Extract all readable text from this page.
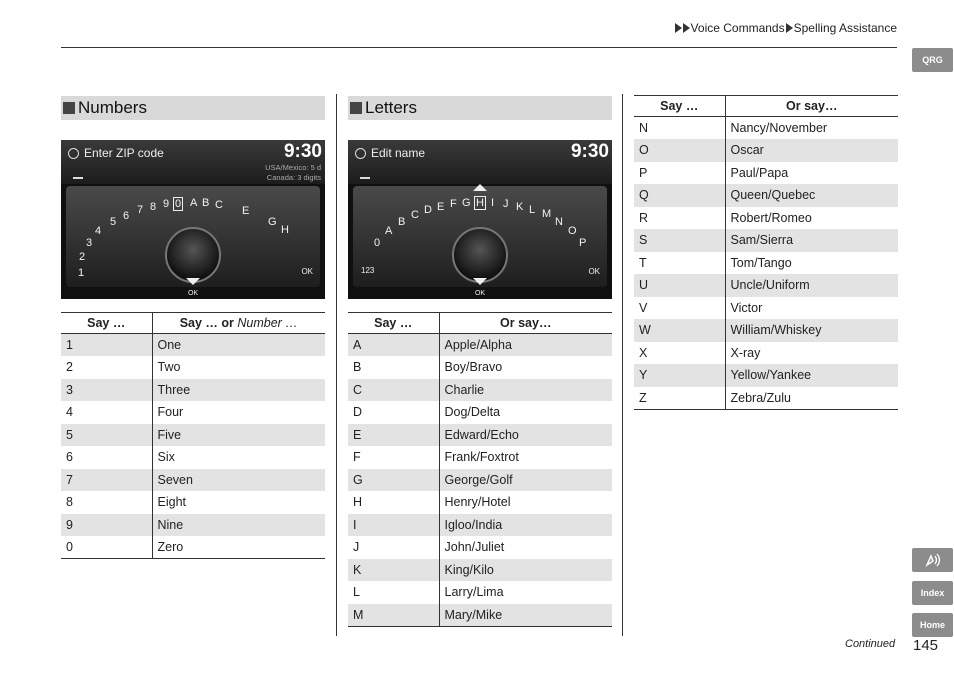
Voice Commands Spelling Assistance
QRG
Index
Home
Numbers
Enter ZIP code	9:30
USA/Mexico: 5 d
Canada: 3 digits
1
2
3
4
5 6 7 8 9 0 A B C E
G
H
OK
OK
Say …	Say … or Number …
1	One
2	Two
3	Three
4	Four
5	Five
6	Six
7	Seven
8	Eight
9	Nine
0	Zero
Letters
Edit name	9:30
0
A
B
C D E F G H I J K L M
N
O
P
123	OK
OK
Say …	Or say…
A	Apple/Alpha
B	Boy/Bravo
C	Charlie
D	Dog/Delta
E	Edward/Echo
F	Frank/Foxtrot
G	George/Golf
H	Henry/Hotel
I	Igloo/India
J	John/Juliet
K	King/Kilo
L	Larry/Lima
M	Mary/Mike
Say …	Or say…
N	Nancy/November
O	Oscar
P	Paul/Papa
Q	Queen/Quebec
R	Robert/Romeo
S	Sam/Sierra
T	Tom/Tango
U	Uncle/Uniform
V	Victor
W	William/Whiskey
X	X-ray
Y	Yellow/Yankee
Z	Zebra/Zulu
Continued 145
